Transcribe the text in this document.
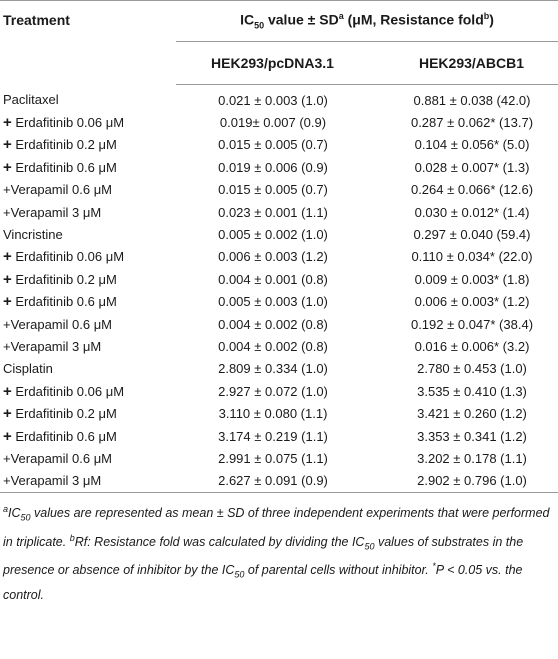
Treatment	$IC_{50}$ value ± $SD^a$ (μM, Resistance fold$^b$)	
	HEK293/pcDNA3.1	HEK293/ABCB1
Paclitaxel	0.021 ± 0.003 (1.0)	0.881 ± 0.038 (42.0)
+ Erdafitinib 0.06 μM	0.019± 0.007 (0.9)	0.287 ± 0.062* (13.7)
+ Erdafitinib 0.2 μM	0.015 ± 0.005 (0.7)	0.104 ± 0.056* (5.0)
+ Erdafitinib 0.6 μM	0.019 ± 0.006 (0.9)	0.028 ± 0.007* (1.3)
+Verapamil 0.6 μM	0.015 ± 0.005 (0.7)	0.264 ± 0.066* (12.6)
+Verapamil 3 μM	0.023 ± 0.001 (1.1)	0.030 ± 0.012* (1.4)
Vincristine	0.005 ± 0.002 (1.0)	0.297 ± 0.040 (59.4)
+ Erdafitinib 0.06 μM	0.006 ± 0.003 (1.2)	0.110 ± 0.034* (22.0)
+ Erdafitinib 0.2 μM	0.004 ± 0.001 (0.8)	0.009 ± 0.003* (1.8)
+ Erdafitinib 0.6 μM	0.005 ± 0.003 (1.0)	0.006 ± 0.003* (1.2)
+Verapamil 0.6 μM	0.004 ± 0.002 (0.8)	0.192 ± 0.047* (38.4)
+Verapamil 3 μM	0.004 ± 0.002 (0.8)	0.016 ± 0.006* (3.2)
Cisplatin	2.809 ± 0.334 (1.0)	2.780 ± 0.453 (1.0)
+ Erdafitinib 0.06 μM	2.927 ± 0.072 (1.0)	3.535 ± 0.410 (1.3)
+ Erdafitinib 0.2 μM	3.110 ± 0.080 (1.1)	3.421 ± 0.260 (1.2)
+ Erdafitinib 0.6 μM	3.174 ± 0.219 (1.1)	3.353 ± 0.341 (1.2)
+Verapamil 0.6 μM	2.991 ± 0.075 (1.1)	3.202 ± 0.178 (1.1)
+Verapamil 3 μM	2.627 ± 0.091 (0.9)	2.902 ± 0.796 (1.0)
$^aIC_{50}$ values are represented as mean ± SD of three independent experiments that were performed in triplicate. $^b$Rf: Resistance fold was calculated by dividing the $IC_{50}$ values of substrates in the presence or absence of inhibitor by the $IC_{50}$ of parental cells without inhibitor. *P < 0.05 vs. the control.
